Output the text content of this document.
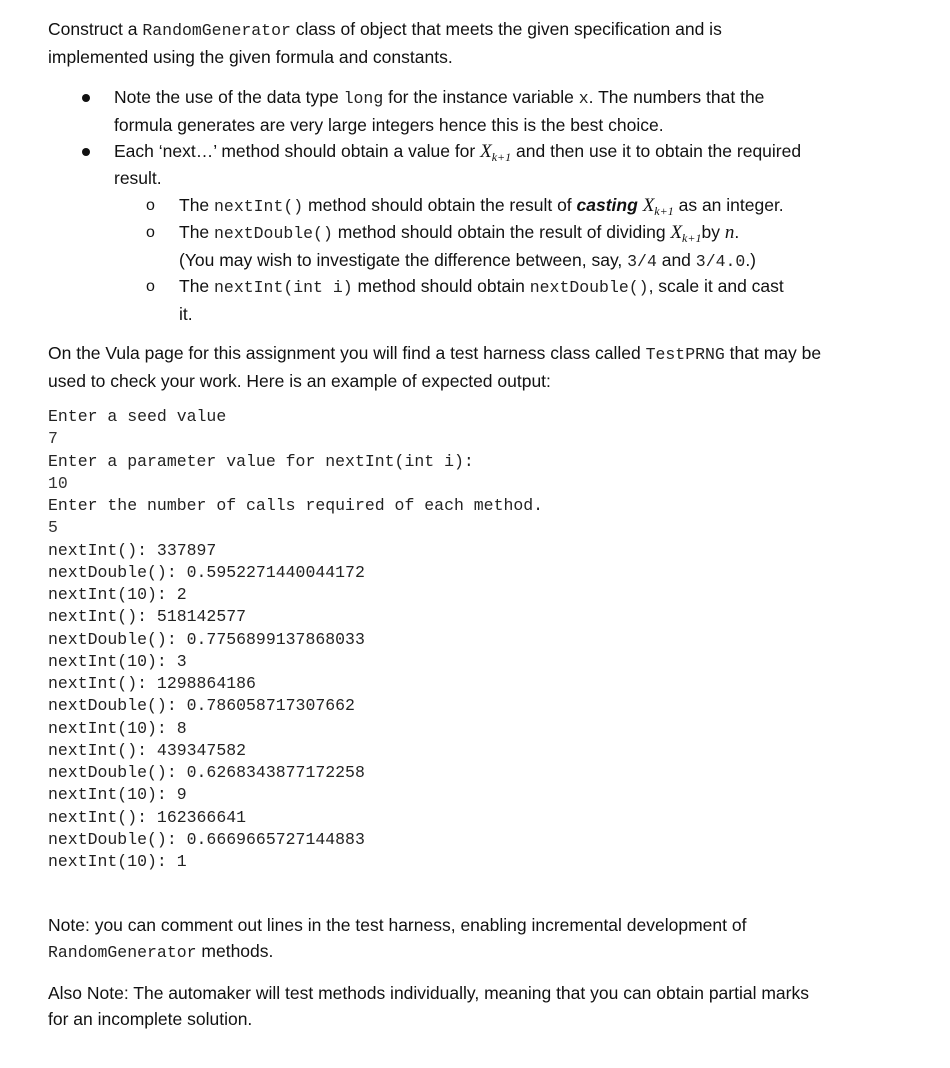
Construct a RandomGenerator class of object that meets the given specification and is
implemented using the given formula and constants.
Note the use of the data type long for the instance variable x. The numbers that the
formula generates are very large integers hence this is the best choice.
Each ‘next…’ method should obtain a value for $X_{k+1}$ and then use it to obtain the required
result.
o The nextInt() method should obtain the result of casting $X_{k+1}$ as an integer.
o The nextDouble() method should obtain the result of dividing $X_{k+1}by$ n.
(You may wish to investigate the difference between, say, 3/4 and 3/4.0.)
o The nextInt(int i) method should obtain nextDouble(), scale it and cast
it.
On the Vula page for this assignment you will find a test harness class called TestPRNG that may be
used to check your work. Here is an example of expected output:
Enter a seed value
7
Enter a parameter value for nextInt(int i):
10
Enter the number of calls required of each method.
5
nextInt(): 337897
nextDouble(): 0.5952271440044172
nextInt(10): 2
nextInt(): 518142577
nextDouble(): 0.7756899137868033
nextInt(10): 3
nextInt(): 1298864186
nextDouble(): 0.786058717307662
nextInt(10): 8
nextInt(): 439347582
nextDouble(): 0.6268343877172258
nextInt(10): 9
nextInt(): 162366641
nextDouble(): 0.6669665727144883
nextInt(10): 1
Note: you can comment out lines in the test harness, enabling incremental development of
RandomGenerator methods.
Also Note: The automaker will test methods individually, meaning that you can obtain partial marks
for an incomplete solution.
